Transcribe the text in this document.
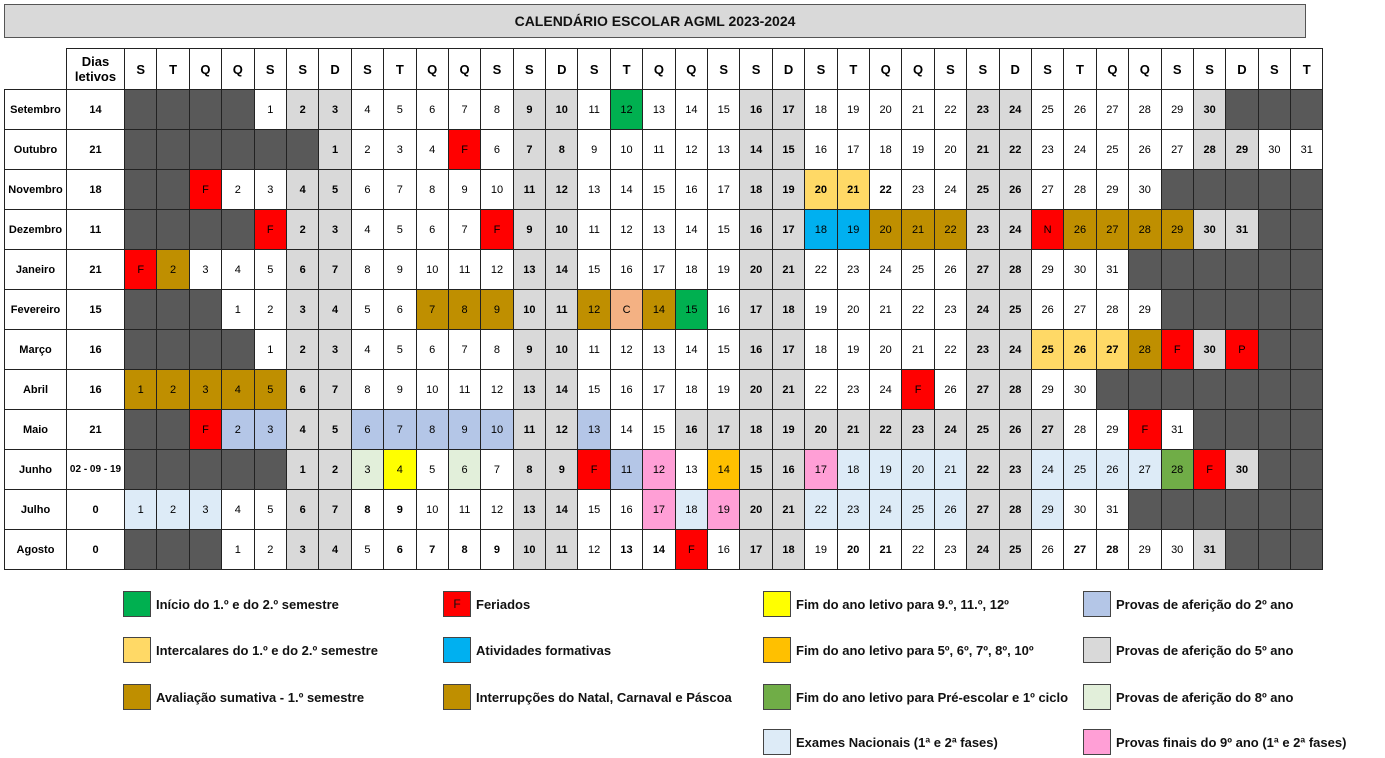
CALENDÁRIO ESCOLAR AGML 2023-2024
	Dias letivos	S	T	Q	Q	S	S	D	S	T	Q	Q	S	S	D	S	T	Q	Q	S	S	D	S	T	Q	Q	S	S	D	S	T	Q	Q	S	S	D	S	T
Setembro	14					1	2	3	4	5	6	7	8	9	10	11	12	13	14	15	16	17	18	19	20	21	22	23	24	25	26	27	28	29	30			
Outubro	21							1	2	3	4	F	6	7	8	9	10	11	12	13	14	15	16	17	18	19	20	21	22	23	24	25	26	27	28	29	30	31
Novembro	18			F	2	3	4	5	6	7	8	9	10	11	12	13	14	15	16	17	18	19	20	21	22	23	24	25	26	27	28	29	30					
Dezembro	11					F	2	3	4	5	6	7	F	9	10	11	12	13	14	15	16	17	18	19	20	21	22	23	24	N	26	27	28	29	30	31		
Janeiro	21	F	2	3	4	5	6	7	8	9	10	11	12	13	14	15	16	17	18	19	20	21	22	23	24	25	26	27	28	29	30	31						
Fevereiro	15				1	2	3	4	5	6	7	8	9	10	11	12	C	14	15	16	17	18	19	20	21	22	23	24	25	26	27	28	29					
Março	16					1	2	3	4	5	6	7	8	9	10	11	12	13	14	15	16	17	18	19	20	21	22	23	24	25	26	27	28	F	30	P		
Abril	16	1	2	3	4	5	6	7	8	9	10	11	12	13	14	15	16	17	18	19	20	21	22	23	24	F	26	27	28	29	30							
Maio	21			F	2	3	4	5	6	7	8	9	10	11	12	13	14	15	16	17	18	19	20	21	22	23	24	25	26	27	28	29	F	31				
Junho	02 - 09 - 19						1	2	3	4	5	6	7	8	9	F	11	12	13	14	15	16	17	18	19	20	21	22	23	24	25	26	27	28	F	30		
Julho	0	1	2	3	4	5	6	7	8	9	10	11	12	13	14	15	16	17	18	19	20	21	22	23	24	25	26	27	28	29	30	31						
Agosto	0				1	2	3	4	5	6	7	8	9	10	11	12	13	14	F	16	17	18	19	20	21	22	23	24	25	26	27	28	29	30	31			
Início do 1.º e do 2.º semestre	F	Feriados	Fim do ano letivo para 9.º, 11.º, 12º	Provas de aferição do 2º ano
Intercalares do 1.º e do 2.º semestre	Atividades formativas	Fim do ano letivo para 5º, 6º, 7º, 8º, 10º	Provas de aferição do 5º ano
Avaliação sumativa - 1.º semestre	Interrupções do Natal, Carnaval e Páscoa	Fim do ano letivo para Pré-escolar e 1º ciclo	Provas de aferição do 8º ano
Exames Nacionais (1ª e 2ª fases)	Provas finais do 9º ano (1ª e 2ª fases)
